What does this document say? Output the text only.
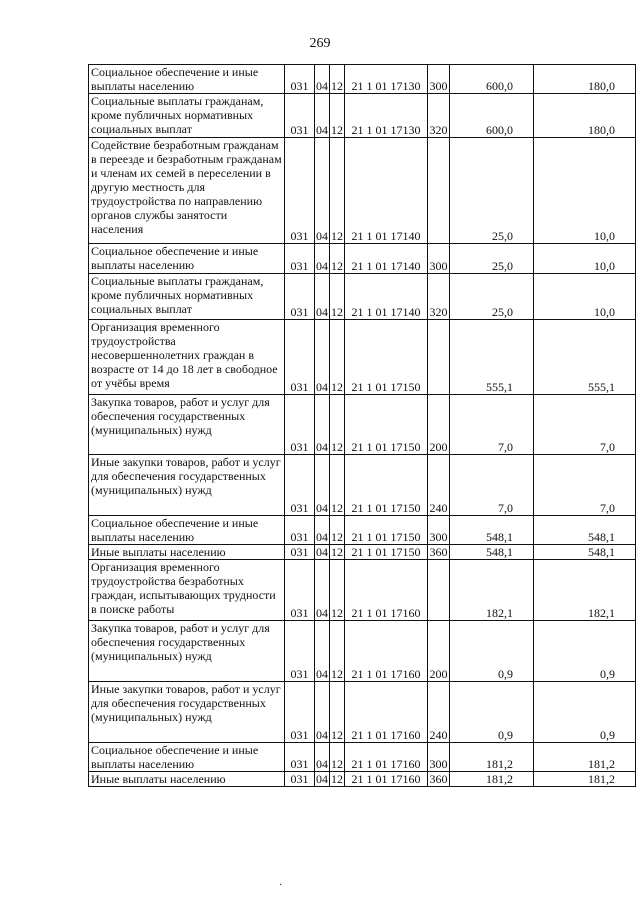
269
Социальное обеспечение и иные выплаты населению	031	04	12	21 1 01 17130	300	600,0	180,0
Социальные выплаты гражданам, кроме публичных нормативных социальных выплат	031	04	12	21 1 01 17130	320	600,0	180,0
Содействие безработным гражданам в переезде и безработным гражданам и членам их семей в переселении в другую местность для трудоустройства по направлению органов службы занятости населения	031	04	12	21 1 01 17140		25,0	10,0
Социальное обеспечение и иные выплаты населению	031	04	12	21 1 01 17140	300	25,0	10,0
Социальные выплаты гражданам, кроме публичных нормативных социальных выплат	031	04	12	21 1 01 17140	320	25,0	10,0
Организация временного трудоустройства несовершеннолетних граждан в возрасте от 14 до 18 лет в свободное от учёбы время	031	04	12	21 1 01 17150		555,1	555,1
Закупка товаров, работ и услуг для обеспечения государственных (муниципальных) нужд	031	04	12	21 1 01 17150	200	7,0	7,0
Иные закупки товаров, работ и услуг для обеспечения государственных (муниципальных) нужд	031	04	12	21 1 01 17150	240	7,0	7,0
Социальное обеспечение и иные выплаты населению	031	04	12	21 1 01 17150	300	548,1	548,1
Иные выплаты населению	031	04	12	21 1 01 17150	360	548,1	548,1
Организация временного трудоустройства безработных граждан, испытывающих трудности в поиске работы	031	04	12	21 1 01 17160		182,1	182,1
Закупка товаров, работ и услуг для обеспечения государственных (муниципальных) нужд	031	04	12	21 1 01 17160	200	0,9	0,9
Иные закупки товаров, работ и услуг для обеспечения государственных (муниципальных) нужд	031	04	12	21 1 01 17160	240	0,9	0,9
Социальное обеспечение и иные выплаты населению	031	04	12	21 1 01 17160	300	181,2	181,2
Иные выплаты населению	031	04	12	21 1 01 17160	360	181,2	181,2
·
